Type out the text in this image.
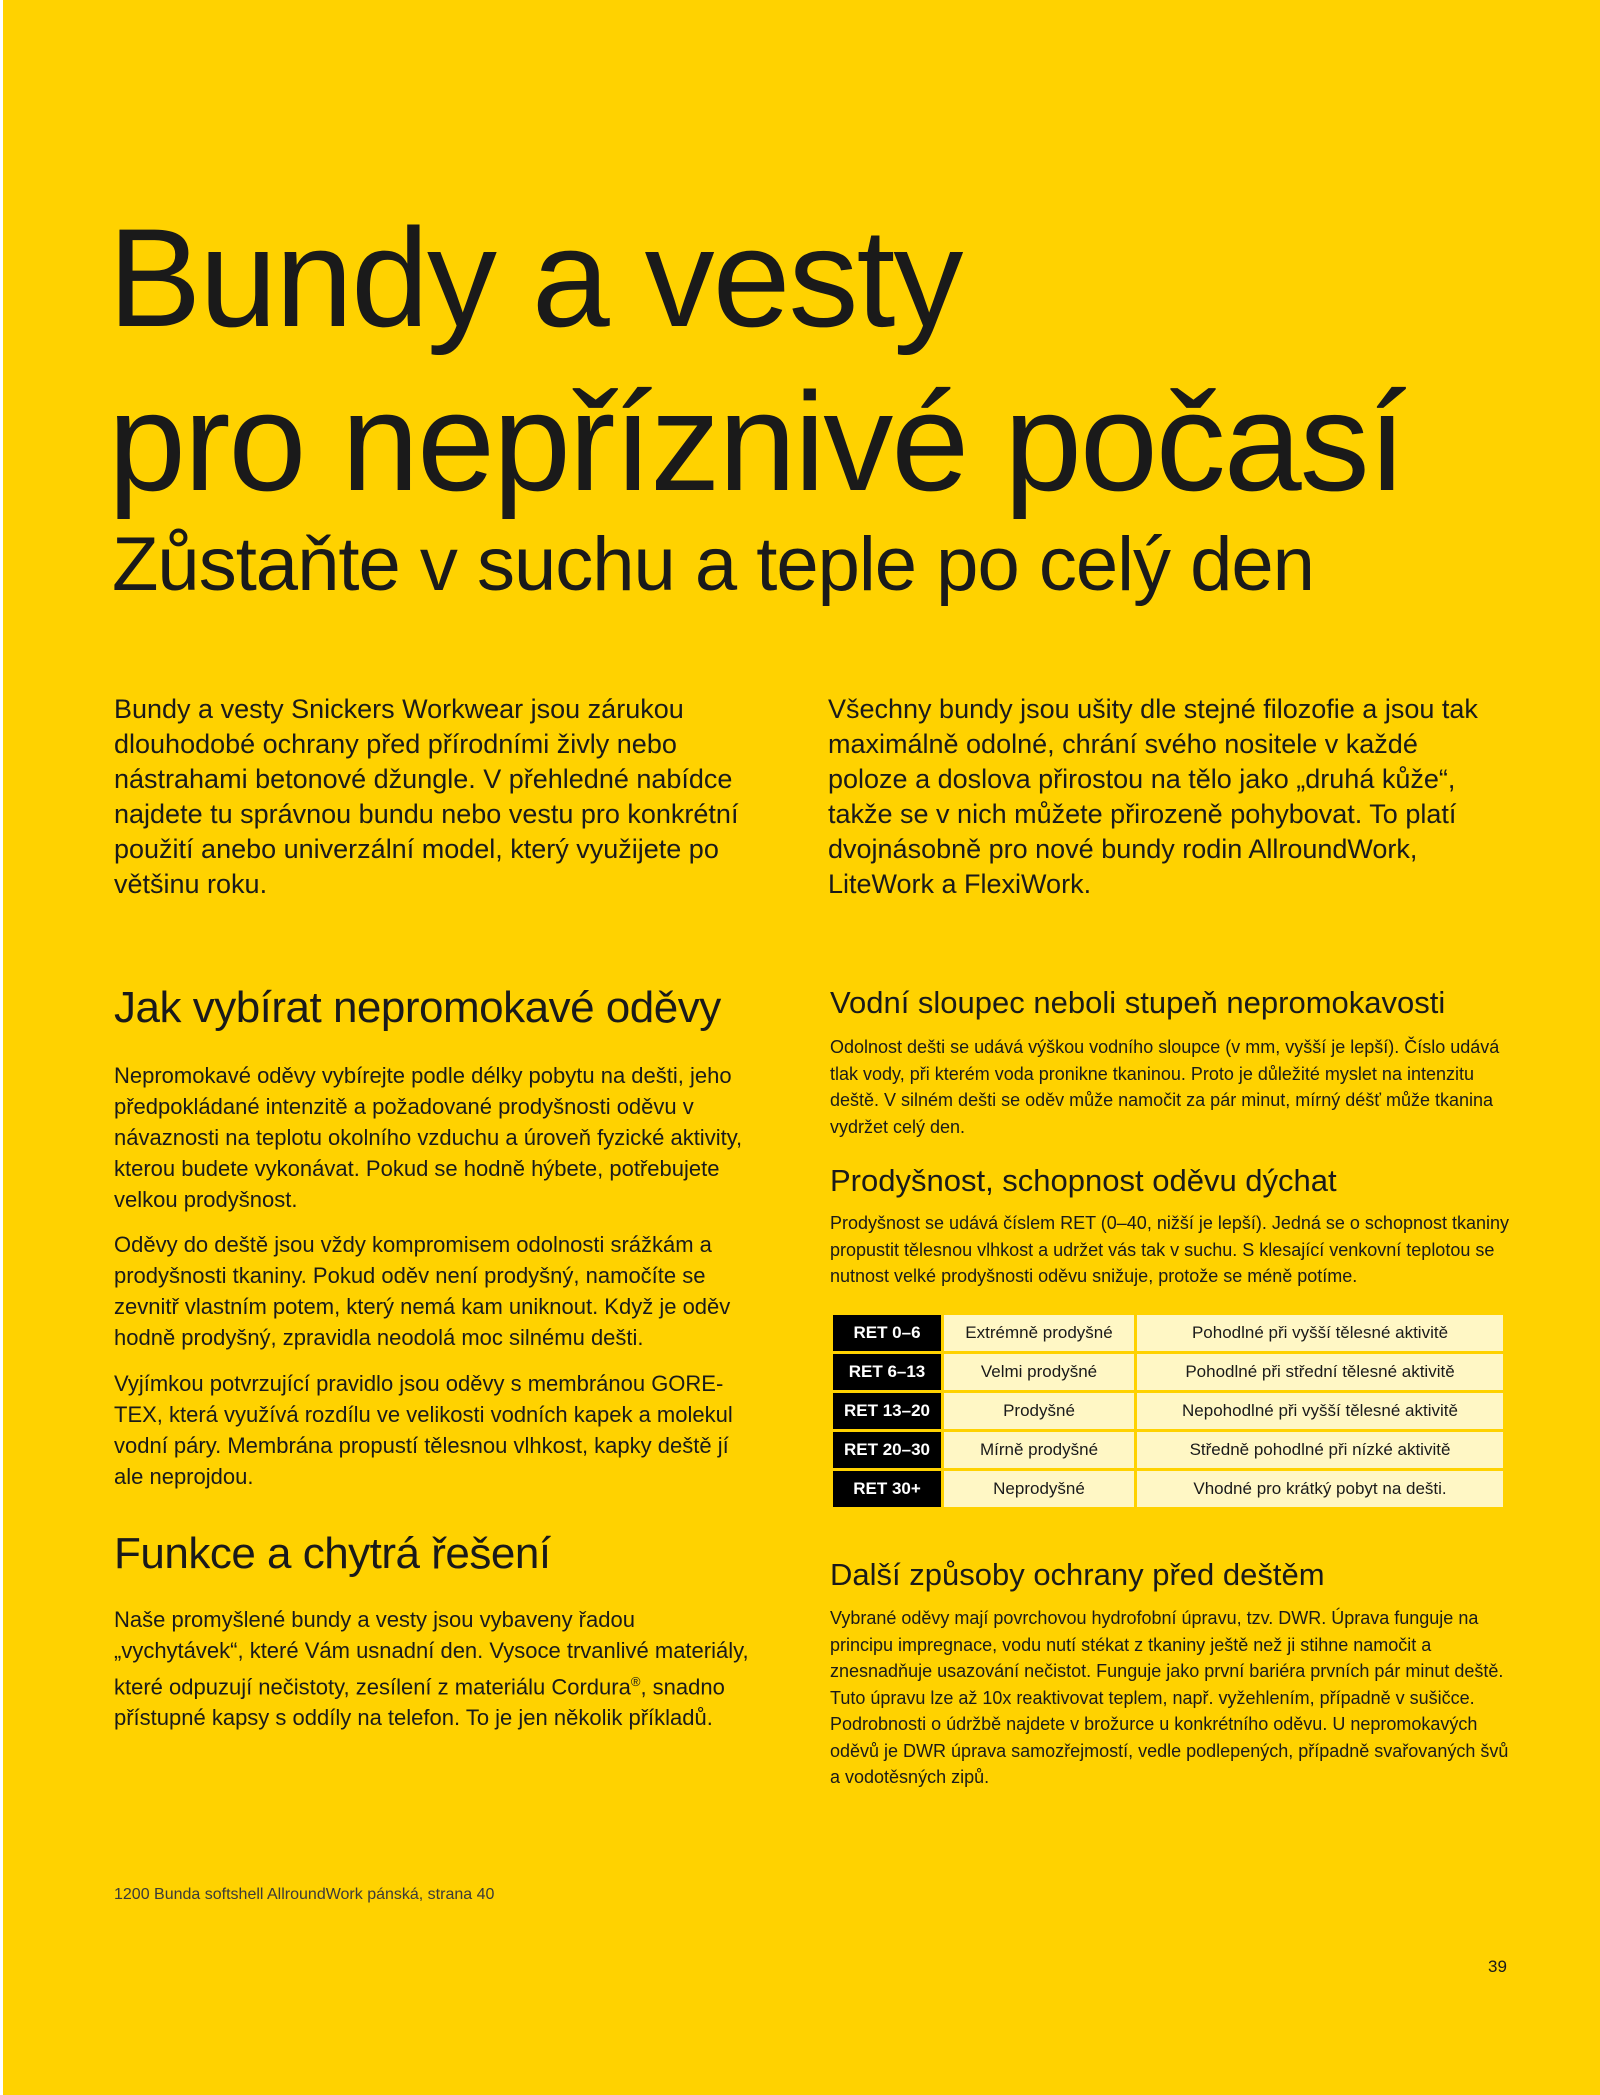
Bundy a vesty
pro nepříznivé počasí
Zůstaňte v suchu a teple po celý den

Bundy a vesty Snickers Workwear jsou zárukou dlouhodobé ochrany před přírodními živly nebo nástrahami betonové džungle. V přehledné nabídce najdete tu správnou bundu nebo vestu pro konkrétní použití anebo univerzální model, který využijete po většinu roku.

Všechny bundy jsou ušity dle stejné filozofie a jsou tak maximálně odolné, chrání svého nositele v každé poloze a doslova přirostou na tělo jako „druhá kůže“, takže se v nich můžete přirozeně pohybovat. To platí dvojnásobně pro nové bundy rodin AllroundWork, LiteWork a FlexiWork.

Jak vybírat nepromokavé oděvy

Nepromokavé oděvy vybírejte podle délky pobytu na dešti, jeho předpokládané intenzitě a požadované prodyšnosti oděvu v návaznosti na teplotu okolního vzduchu a úroveň fyzické aktivity, kterou budete vykonávat. Pokud se hodně hýbete, potřebujete velkou prodyšnost.

Oděvy do deště jsou vždy kompromisem odolnosti srážkám a prodyšnosti tkaniny. Pokud oděv není prodyšný, namočíte se zevnitř vlastním potem, který nemá kam uniknout. Když je oděv hodně prodyšný, zpravidla neodolá moc silnému dešti.

Vyjímkou potvrzující pravidlo jsou oděvy s membránou GORE-TEX, která využívá rozdílu ve velikosti vodních kapek a molekul vodní páry. Membrána propustí tělesnou vlhkost, kapky deště jí ale neprojdou.

Funkce a chytrá řešení

Naše promyšlené bundy a vesty jsou vybaveny řadou „vychytávek“, které Vám usnadní den. Vysoce trvanlivé materiály, které odpuzují nečistoty, zesílení z materiálu Cordura®, snadno přístupné kapsy s oddíly na telefon. To je jen několik příkladů.

Vodní sloupec neboli stupeň nepromokavosti

Odolnost dešti se udává výškou vodního sloupce (v mm, vyšší je lepší). Číslo udává tlak vody, při kterém voda pronikne tkaninou. Proto je důležité myslet na intenzitu deště. V silném dešti se oděv může namočit za pár minut, mírný déšť může tkanina vydržet celý den.

Prodyšnost, schopnost oděvu dýchat

Prodyšnost se udává číslem RET (0–40, nižší je lepší). Jedná se o schopnost tkaniny propustit tělesnou vlhkost a udržet vás tak v suchu. S klesající venkovní teplotou se nutnost velké prodyšnosti oděvu snižuje, protože se méně potíme.

RET 0–6	Extrémně prodyšné	Pohodlné při vyšší tělesné aktivitě
RET 6–13	Velmi prodyšné	Pohodlné při střední tělesné aktivitě
RET 13–20	Prodyšné	Nepohodlné při vyšší tělesné aktivitě
RET 20–30	Mírně prodyšné	Středně pohodlné při nízké aktivitě
RET 30+	Neprodyšné	Vhodné pro krátký pobyt na dešti.
Další způsoby ochrany před deštěm

Vybrané oděvy mají povrchovou hydrofobní úpravu, tzv. DWR. Úprava funguje na principu impregnace, vodu nutí stékat z tkaniny ještě než ji stihne namočit a znesnadňuje usazování nečistot. Funguje jako první bariéra prvních pár minut deště. Tuto úpravu lze až 10x reaktivovat teplem, např. vyžehlením, případně v sušičce. Podrobnosti o údržbě najdete v brožurce u konkrétního oděvu. U nepromokavých oděvů je DWR úprava samozřejmostí, vedle podlepených, případně svařovaných švů a vodotěsných zipů.

1200 Bunda softshell AllroundWork pánská, strana 40

39
